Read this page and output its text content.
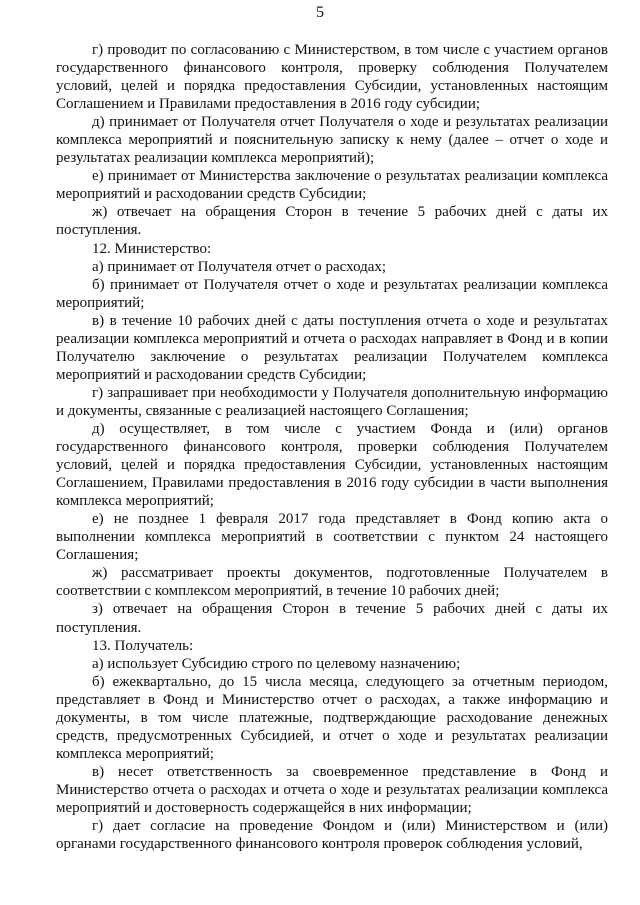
5

г) проводит по согласованию с Министерством, в том числе с участием органов государственного финансового контроля, проверку соблюдения Получателем условий, целей и порядка предоставления Субсидии, установленных настоящим Соглашением и Правилами предоставления в 2016 году субсидии;

д) принимает от Получателя отчет Получателя о ходе и результатах реализации комплекса мероприятий и пояснительную записку к нему (далее – отчет о ходе и результатах реализации комплекса мероприятий);

е) принимает от Министерства заключение о результатах реализации комплекса мероприятий и расходовании средств Субсидии;

ж) отвечает на обращения Сторон в течение 5 рабочих дней с даты их поступления.

12. Министерство:

а) принимает от Получателя отчет о расходах;

б) принимает от Получателя отчет о ходе и результатах реализации комплекса мероприятий;

в) в течение 10 рабочих дней с даты поступления отчета о ходе и результатах реализации комплекса мероприятий и отчета о расходах направляет в Фонд и в копии Получателю заключение о результатах реализации Получателем комплекса мероприятий и расходовании средств Субсидии;

г) запрашивает при необходимости у Получателя дополнительную информацию и документы, связанные с реализацией настоящего Соглашения;

д) осуществляет, в том числе с участием Фонда и (или) органов государственного финансового контроля, проверки соблюдения Получателем условий, целей и порядка предоставления Субсидии, установленных настоящим Соглашением, Правилами предоставления в 2016 году субсидии в части выполнения комплекса мероприятий;

е) не позднее 1 февраля 2017 года представляет в Фонд копию акта о выполнении комплекса мероприятий в соответствии с пунктом 24 настоящего Соглашения;

ж) рассматривает проекты документов, подготовленные Получателем в соответствии с комплексом мероприятий, в течение 10 рабочих дней;

з) отвечает на обращения Сторон в течение 5 рабочих дней с даты их поступления.

13. Получатель:

а) использует Субсидию строго по целевому назначению;

б) ежеквартально, до 15 числа месяца, следующего за отчетным периодом, представляет в Фонд и Министерство отчет о расходах, а также информацию и документы, в том числе платежные, подтверждающие расходование денежных средств, предусмотренных Субсидией, и отчет о ходе и результатах реализации комплекса мероприятий;

в) несет ответственность за своевременное представление в Фонд и Министерство отчета о расходах и отчета о ходе и результатах реализации комплекса мероприятий и достоверность содержащейся в них информации;

г) дает согласие на проведение Фондом и (или) Министерством и (или) органами государственного финансового контроля проверок соблюдения условий,
